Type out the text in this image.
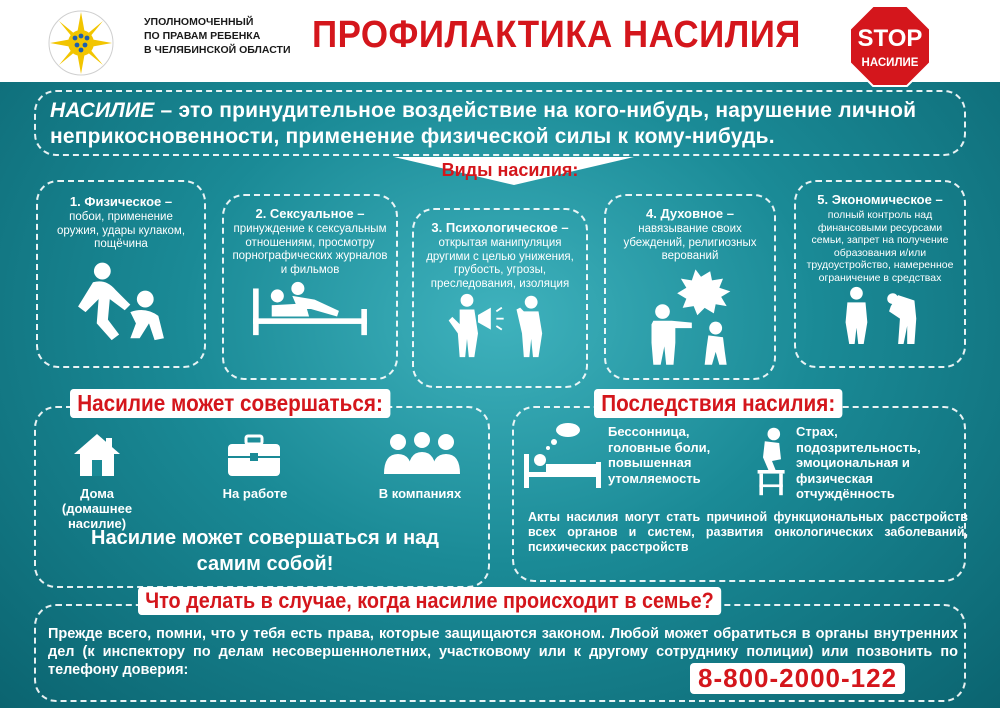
УПОЛНОМОЧЕННЫЙ
ПО ПРАВАМ РЕБЕНКА
В ЧЕЛЯБИНСКОЙ ОБЛАСТИ ПРОФИЛАКТИКА НАСИЛИЯ STOP
НАСИЛИЕ
НАСИЛИЕ – это принудительное воздействие на кого-нибудь, нарушение личной неприкосновенности, применение физической силы к кому-нибудь.
Виды насилия:
1. Физическое –
побои, применение оружия, удары кулаком, пощёчина
2. Сексуальное –
принуждение к сексуальным отношениям, просмотру порнографических журналов и фильмов
3. Психологическое –
открытая манипуляция другими с целью унижения, грубость, угрозы, преследования, изоляция
4. Духовное –
навязывание своих убеждений, религиозных верований
5. Экономическое –
полный контроль над финансовыми ресурсами семьи, запрет на получение образования и/или трудоустройство, намеренное ограничение в средствах
Насилие может совершаться:
Дома (домашнее насилие)
На работе	В компаниях
Насилие может совершаться и над самим собой!
Последствия насилия:
Бессонница, головные боли, повышенная утомляемость
Страх, подозрительность, эмоциональная и физическая отчуждённость
Акты насилия могут стать причиной функциональных расстройств всех органов и систем, развития онкологических заболеваний, психических расстройств
Что делать в случае, когда насилие происходит в семье?
Прежде всего, помни, что у тебя есть права, которые защищаются законом. Любой может обратиться в органы внутренних дел (к инспектору по делам несовершеннолетних, участковому или к другому сотруднику полиции) или позвонить по телефону доверия:	8-800-2000-122
